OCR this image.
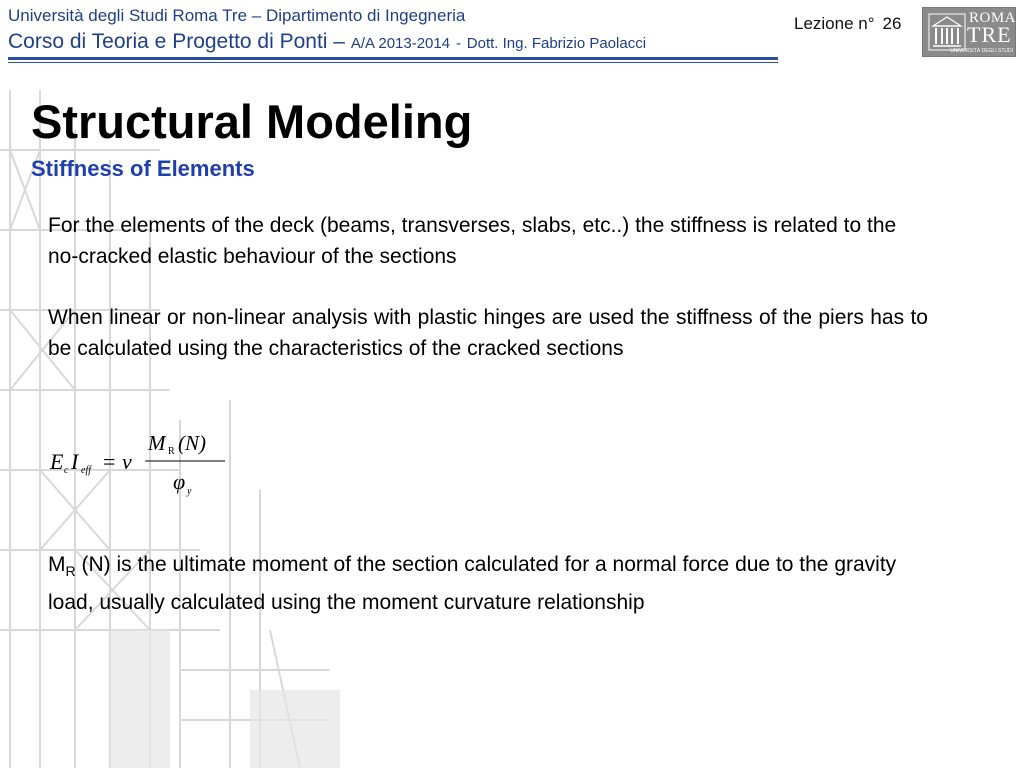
Università degli Studi Roma Tre – Dipartimento di Ingegneria
Corso di Teoria e Progetto di Ponti – A/A 2013-2014 - Dott. Ing. Fabrizio Paolacci
Lezione n° 26	ROMA
TRE
UNIVERSITÀ DEGLI STUDI
Structural Modeling
Stiffness of Elements
For the elements of the deck (beams, transverses, slabs, etc..) the stiffness is related to the no-cracked elastic behaviour of the sections
When linear or non-linear analysis with plastic hinges are used the stiffness of the piers has to be calculated using the characteristics of the cracked sections
E c I eff = ν
M R (N)
φ y
$M_R$ (N) is the ultimate moment of the section calculated for a normal force due to the gravity load, usually calculated using the moment curvature relationship
